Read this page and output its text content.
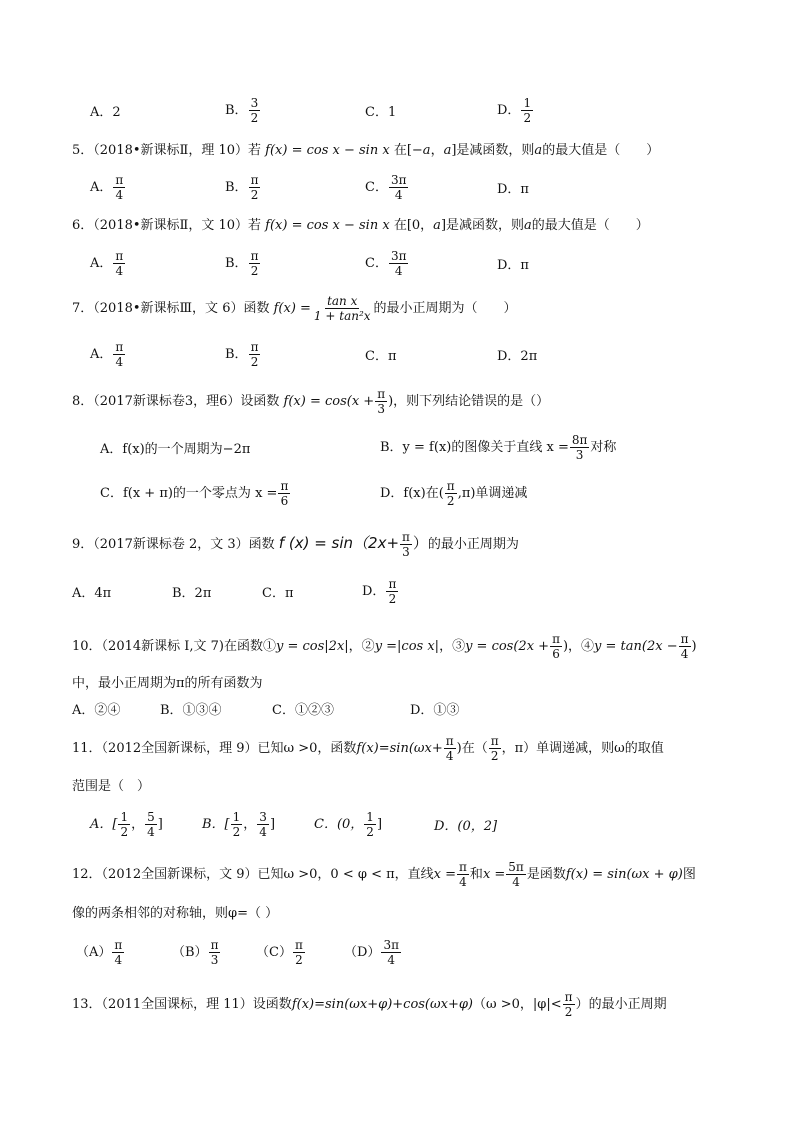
A．2	B． $\frac{3}{2}$	C．1	D． $\frac{1}{2}$
5．（2018•新课标Ⅱ，理 10）若 f(x) = cos x − sin x 在[−a，a]是减函数，则a的最大值是（　　）
A． $\frac{\pi}{4}$	B． $\frac{\pi}{2}$	C． $\frac{3\pi}{4}$	D．π
6．（2018•新课标Ⅱ，文 10）若 f(x) = cos x − sin x 在[0，a]是减函数，则a的最大值是（　　）
A． $\frac{\pi}{4}$	B． $\frac{\pi}{2}$	C． $\frac{3\pi}{4}$	D．π
7．（2018•新课标Ⅲ，文 6）函数 $f(x) = \frac{\text{tan x}}{\text{1 + tan²x}}$ 的最小正周期为（　　）
A． $\frac{\pi}{4}$	B． $\frac{\pi}{2}$	C．π	D．2π
8．（2017新课标卷3，理6）设函数 $f(x) = \cos(x + \frac{\pi}{3}$ )，则下列结论错误的是（）
A．f(x)的一个周期为−2π	B．y = f(x)的图像关于直线 $x = \frac{8\pi}{3}$ 对称
C．f(x + π)的一个零点为 $x = \frac{\pi}{6}$	D．f(x)在( $\frac{\pi}{2} ,\pi$)单调递减
9．（2017新课标卷 2，文 3）函数 f $(x) = \sin(2x+ \frac{\pi}{3}$ ）的最小正周期为
A．4π	B．2π	C．π	D． $\frac{\pi}{2}$
10．（2014新课标 I,文 7)在函数①y = cos|2x|，②y =|cos x|，③y = $\cos(2x + \frac{\pi}{6}$ )，④y = $\tan(2x - \frac{\pi}{4}$ )
中，最小正周期为π的所有函数为
A．②④	B．①③④	C．①②③	D．①③
11．（2012全国新课标，理 9）已知ω >0，函数$f(x)=\sin(\omega x+ \frac{\pi}{4}$ )在（ $\frac{\pi}{2}$ ，π）单调递减，则ω的取值
范围是（　）
A．[ $\frac{1}{2}$ ， $\frac{5}{4}$ ]	B．[ $\frac{1}{2}$ ， $\frac{3}{4}$ ]	C．(0， $\frac{1}{2}$ ]	D．(0，2]
12．（2012全国新课标，文 9）已知ω >0，0 < φ < π，直线$x = \frac{\pi}{4}$ 和$x = \frac{5\pi}{4}$ 是函数f(x) = sin(ωx + φ)图
像的两条相邻的对称轴，则φ=（ ）
$(A) \frac{\pi}{4}$	$(B) \frac{\pi}{3}$	$(C) \frac{\pi}{2}$	$(D) \frac{3\pi}{4}$
13．（2011全国课标，理 11）设函数f(x)=sin(ωx+φ)+cos(ωx+φ)（ω >0，$|\varphi|< \frac{\pi}{2}$ ）的最小正周期
